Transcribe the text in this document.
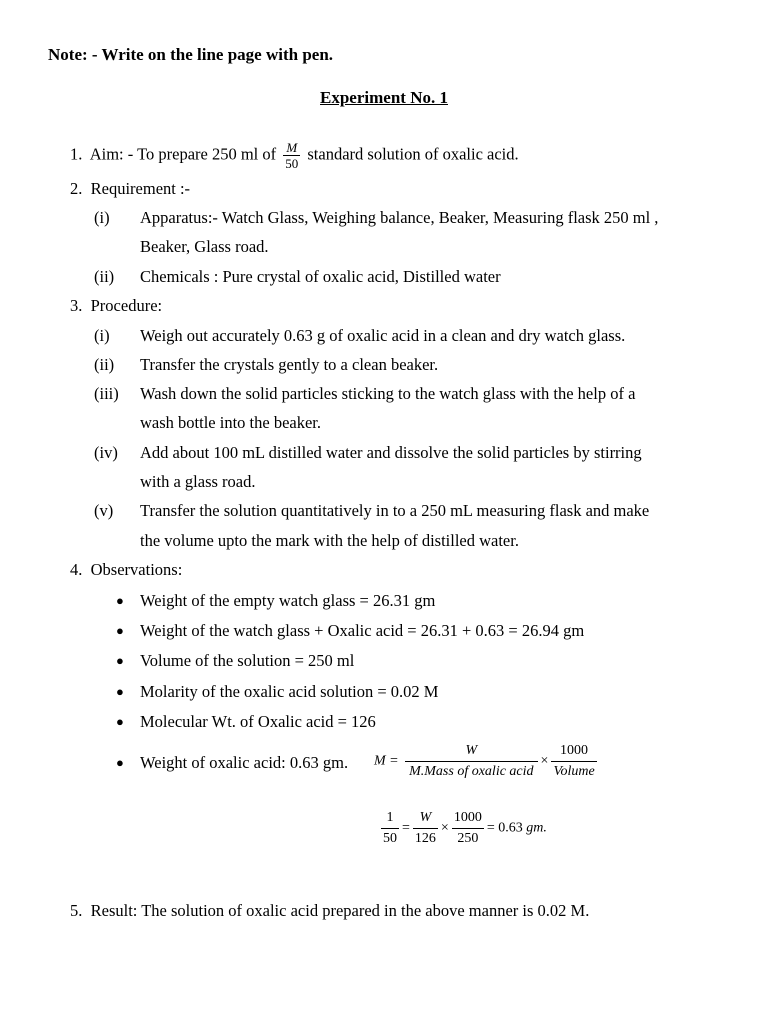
Note: - Write on the line page with pen.
Experiment No. 1
1. Aim: - To prepare 250 ml of $\frac{M}{50}$ standard solution of oxalic acid.
2. Requirement :-
(i) Apparatus:- Watch Glass, Weighing balance, Beaker, Measuring flask 250 ml ,
Beaker, Glass road.
(ii) Chemicals : Pure crystal of oxalic acid, Distilled water
3. Procedure:
(i) Weigh out accurately 0.63 g of oxalic acid in a clean and dry watch glass.
(ii) Transfer the crystals gently to a clean beaker.
(iii) Wash down the solid particles sticking to the watch glass with the help of a
wash bottle into the beaker.
(iv) Add about 100 mL distilled water and dissolve the solid particles by stirring
with a glass road.
(v) Transfer the solution quantitatively in to a 250 mL measuring flask and make
the volume upto the mark with the help of distilled water.
4. Observations:
● Weight of the empty watch glass = 26.31 gm
● Weight of the watch glass + Oxalic acid = 26.31 + 0.63 = 26.94 gm
● Volume of the solution = 250 ml
● Molarity of the oxalic acid solution = 0.02 M
● Molecular Wt. of Oxalic acid = 126
● Weight of oxalic acid: 0.63 gm. $M = \frac{W}{\text{M.Mass of oxalic acid}} \times \frac{1000}{\text{Volume}}$
$\frac{1}{50} = \frac{W}{126} \times \frac{1000}{250} = 0.63$ gm.
5. Result: The solution of oxalic acid prepared in the above manner is 0.02 M.
